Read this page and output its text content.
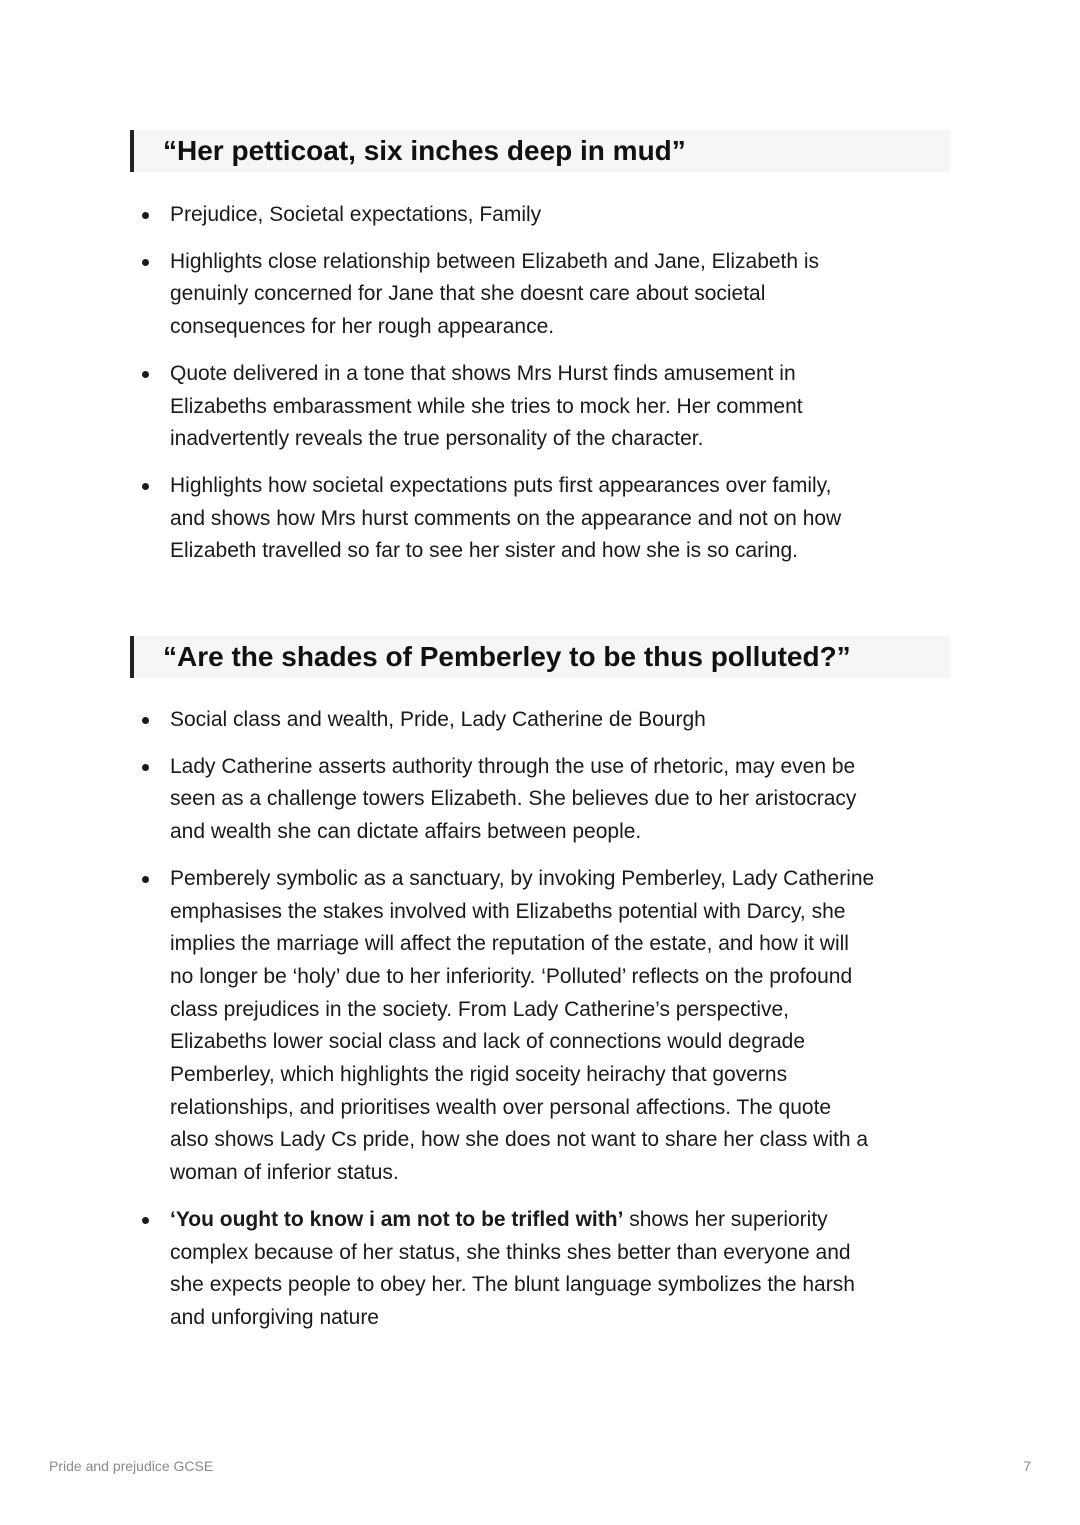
“Her petticoat, six inches deep in mud”
Prejudice, Societal expectations, Family
Highlights close relationship between Elizabeth and Jane, Elizabeth is
genuinly concerned for Jane that she doesnt care about societal
consequences for her rough appearance.
Quote delivered in a tone that shows Mrs Hurst finds amusement in
Elizabeths embarassment while she tries to mock her. Her comment
inadvertently reveals the true personality of the character.
Highlights how societal expectations puts first appearances over family,
and shows how Mrs hurst comments on the appearance and not on how
Elizabeth travelled so far to see her sister and how she is so caring.
“Are the shades of Pemberley to be thus polluted?”
Social class and wealth, Pride, Lady Catherine de Bourgh
Lady Catherine asserts authority through the use of rhetoric, may even be
seen as a challenge towers Elizabeth. She believes due to her aristocracy
and wealth she can dictate affairs between people.
Pemberely symbolic as a sanctuary, by invoking Pemberley, Lady Catherine
emphasises the stakes involved with Elizabeths potential with Darcy, she
implies the marriage will affect the reputation of the estate, and how it will
no longer be ‘holy’ due to her inferiority. ‘Polluted’ reflects on the profound
class prejudices in the society. From Lady Catherine’s perspective,
Elizabeths lower social class and lack of connections would degrade
Pemberley, which highlights the rigid soceity heirachy that governs
relationships, and prioritises wealth over personal affections. The quote
also shows Lady Cs pride, how she does not want to share her class with a
woman of inferior status.
‘You ought to know i am not to be trifled with’ shows her superiority
complex because of her status, she thinks shes better than everyone and
she expects people to obey her. The blunt language symbolizes the harsh
and unforgiving nature
Pride and prejudice GCSE	7
